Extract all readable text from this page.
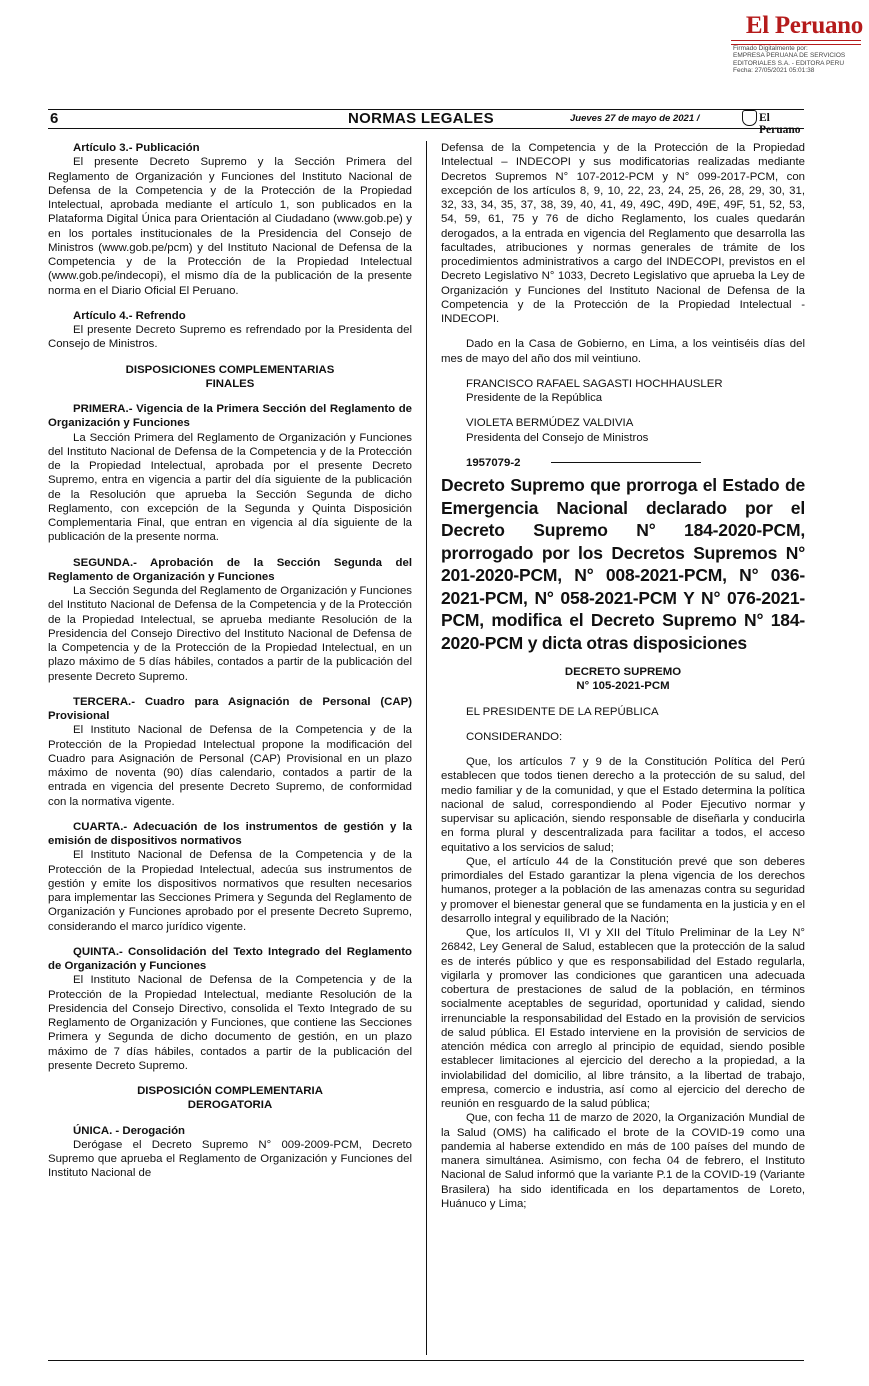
El Peruano
Firmado Digitalmente por:
EMPRESA PERUANA DE SERVICIOS
EDITORIALES S.A. - EDITORA PERU
Fecha: 27/05/2021 05:01:38
6	NORMAS LEGALES	Jueves 27 de mayo de 2021 /	El Peruano

Artículo 3.- Publicación

El presente Decreto Supremo y la Sección Primera del Reglamento de Organización y Funciones del Instituto Nacional de Defensa de la Competencia y de la Protección de la Propiedad Intelectual, aprobada mediante el artículo 1, son publicados en la Plataforma Digital Única para Orientación al Ciudadano (www.gob.pe) y en los portales institucionales de la Presidencia del Consejo de Ministros (www.gob.pe/pcm) y del Instituto Nacional de Defensa de la Competencia y de la Protección de la Propiedad Intelectual (www.gob.pe/indecopi), el mismo día de la publicación de la presente norma en el Diario Oficial El Peruano.

Artículo 4.- Refrendo

El presente Decreto Supremo es refrendado por la Presidenta del Consejo de Ministros.

DISPOSICIONES COMPLEMENTARIAS

FINALES

PRIMERA.- Vigencia de la Primera Sección del Reglamento de Organización y Funciones

La Sección Primera del Reglamento de Organización y Funciones del Instituto Nacional de Defensa de la Competencia y de la Protección de la Propiedad Intelectual, aprobada por el presente Decreto Supremo, entra en vigencia a partir del día siguiente de la publicación de la Resolución que aprueba la Sección Segunda de dicho Reglamento, con excepción de la Segunda y Quinta Disposición Complementaria Final, que entran en vigencia al día siguiente de la publicación de la presente norma.

SEGUNDA.- Aprobación de la Sección Segunda del Reglamento de Organización y Funciones

La Sección Segunda del Reglamento de Organización y Funciones del Instituto Nacional de Defensa de la Competencia y de la Protección de la Propiedad Intelectual, se aprueba mediante Resolución de la Presidencia del Consejo Directivo del Instituto Nacional de Defensa de la Competencia y de la Protección de la Propiedad Intelectual, en un plazo máximo de 5 días hábiles, contados a partir de la publicación del presente Decreto Supremo.

TERCERA.- Cuadro para Asignación de Personal (CAP) Provisional

El Instituto Nacional de Defensa de la Competencia y de la Protección de la Propiedad Intelectual propone la modificación del Cuadro para Asignación de Personal (CAP) Provisional en un plazo máximo de noventa (90) días calendario, contados a partir de la entrada en vigencia del presente Decreto Supremo, de conformidad con la normativa vigente.

CUARTA.- Adecuación de los instrumentos de gestión y la emisión de dispositivos normativos

El Instituto Nacional de Defensa de la Competencia y de la Protección de la Propiedad Intelectual, adecúa sus instrumentos de gestión y emite los dispositivos normativos que resulten necesarios para implementar las Secciones Primera y Segunda del Reglamento de Organización y Funciones aprobado por el presente Decreto Supremo, considerando el marco jurídico vigente.

QUINTA.- Consolidación del Texto Integrado del Reglamento de Organización y Funciones

El Instituto Nacional de Defensa de la Competencia y de la Protección de la Propiedad Intelectual, mediante Resolución de la Presidencia del Consejo Directivo, consolida el Texto Integrado de su Reglamento de Organización y Funciones, que contiene las Secciones Primera y Segunda de dicho documento de gestión, en un plazo máximo de 7 días hábiles, contados a partir de la publicación del presente Decreto Supremo.

DISPOSICIÓN COMPLEMENTARIA

DEROGATORIA

ÚNICA. - Derogación

Derógase el Decreto Supremo N° 009-2009-PCM, Decreto Supremo que aprueba el Reglamento de Organización y Funciones del Instituto Nacional de

Defensa de la Competencia y de la Protección de la Propiedad Intelectual – INDECOPI y sus modificatorias realizadas mediante Decretos Supremos N° 107-2012-PCM y N° 099-2017-PCM, con excepción de los artículos 8, 9, 10, 22, 23, 24, 25, 26, 28, 29, 30, 31, 32, 33, 34, 35, 37, 38, 39, 40, 41, 49, 49C, 49D, 49E, 49F, 51, 52, 53, 54, 59, 61, 75 y 76 de dicho Reglamento, los cuales quedarán derogados, a la entrada en vigencia del Reglamento que desarrolla las facultades, atribuciones y normas generales de trámite de los procedimientos administrativos a cargo del INDECOPI, previstos en el Decreto Legislativo N° 1033, Decreto Legislativo que aprueba la Ley de Organización y Funciones del Instituto Nacional de Defensa de la Competencia y de la Protección de la Propiedad Intelectual - INDECOPI.

Dado en la Casa de Gobierno, en Lima, a los veintiséis días del mes de mayo del año dos mil veintiuno.

FRANCISCO RAFAEL SAGASTI HOCHHAUSLER

Presidente de la República

VIOLETA BERMÚDEZ VALDIVIA

Presidenta del Consejo de Ministros

1957079-2

Decreto Supremo que prorroga el Estado de Emergencia Nacional declarado por el Decreto Supremo N° 184-2020-PCM, prorrogado por los Decretos Supremos N° 201-2020-PCM, N° 008-2021-PCM, N° 036-2021-PCM, N° 058-2021-PCM Y N° 076-2021-PCM, modifica el Decreto Supremo N° 184-2020-PCM y dicta otras disposiciones

DECRETO SUPREMO

N° 105-2021-PCM

EL PRESIDENTE DE LA REPÚBLICA

CONSIDERANDO:

Que, los artículos 7 y 9 de la Constitución Política del Perú establecen que todos tienen derecho a la protección de su salud, del medio familiar y de la comunidad, y que el Estado determina la política nacional de salud, correspondiendo al Poder Ejecutivo normar y supervisar su aplicación, siendo responsable de diseñarla y conducirla en forma plural y descentralizada para facilitar a todos, el acceso equitativo a los servicios de salud;

Que, el artículo 44 de la Constitución prevé que son deberes primordiales del Estado garantizar la plena vigencia de los derechos humanos, proteger a la población de las amenazas contra su seguridad y promover el bienestar general que se fundamenta en la justicia y en el desarrollo integral y equilibrado de la Nación;

Que, los artículos II, VI y XII del Título Preliminar de la Ley N° 26842, Ley General de Salud, establecen que la protección de la salud es de interés público y que es responsabilidad del Estado regularla, vigilarla y promover las condiciones que garanticen una adecuada cobertura de prestaciones de salud de la población, en términos socialmente aceptables de seguridad, oportunidad y calidad, siendo irrenunciable la responsabilidad del Estado en la provisión de servicios de salud pública. El Estado interviene en la provisión de servicios de atención médica con arreglo al principio de equidad, siendo posible establecer limitaciones al ejercicio del derecho a la propiedad, a la inviolabilidad del domicilio, al libre tránsito, a la libertad de trabajo, empresa, comercio e industria, así como al ejercicio del derecho de reunión en resguardo de la salud pública;

Que, con fecha 11 de marzo de 2020, la Organización Mundial de la Salud (OMS) ha calificado el brote de la COVID-19 como una pandemia al haberse extendido en más de 100 países del mundo de manera simultánea. Asimismo, con fecha 04 de febrero, el Instituto Nacional de Salud informó que la variante P.1 de la COVID-19 (Variante Brasilera) ha sido identificada en los departamentos de Loreto, Huánuco y Lima;
